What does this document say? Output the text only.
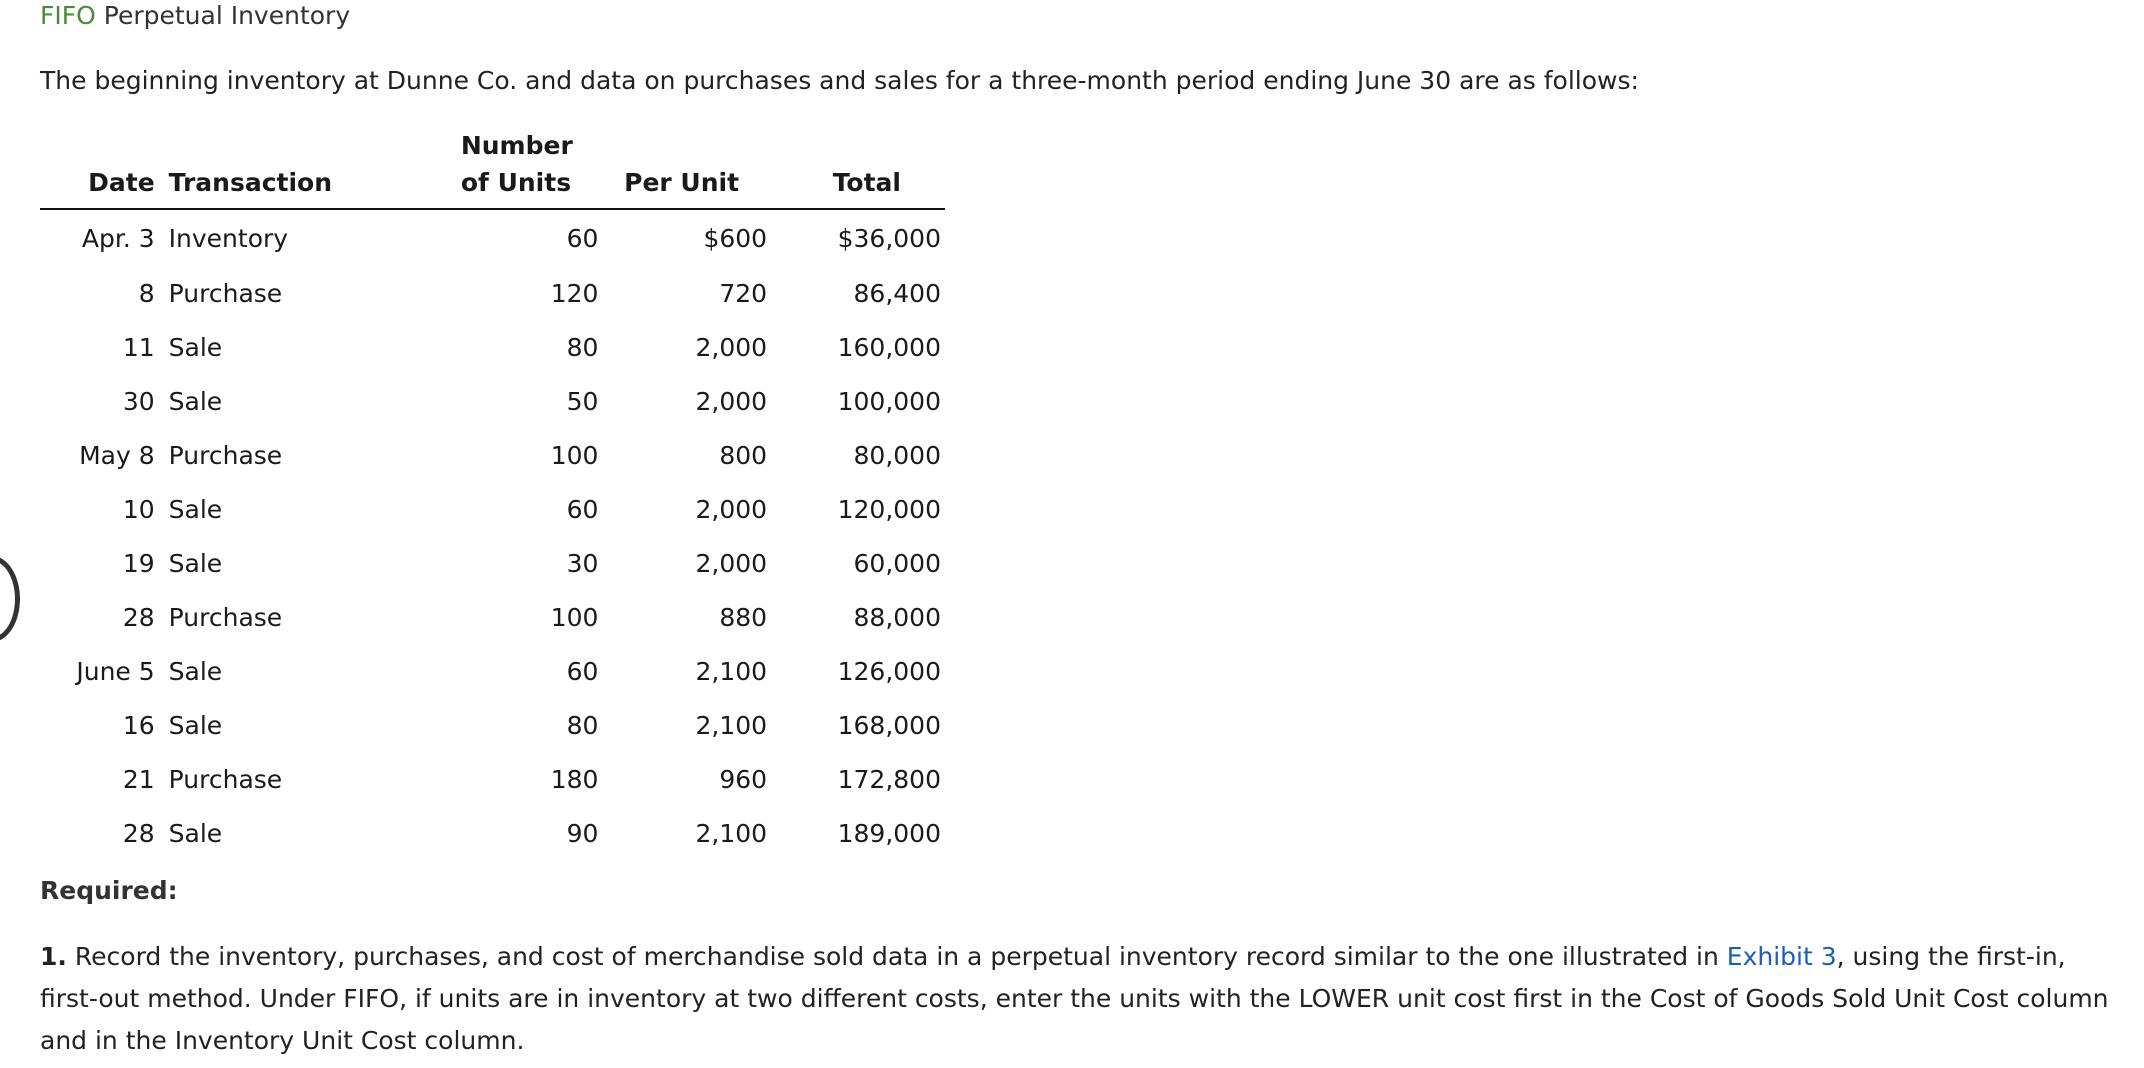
FIFO Perpetual Inventory
The beginning inventory at Dunne Co. and data on purchases and sales for a three-month period ending June 30 are as follows:
		Number		
Date	Transaction	of Units	Per Unit	Total
Apr. 3	Inventory	60	$600	$36,000
8	Purchase	120	720	86,400
11	Sale	80	2,000	160,000
30	Sale	50	2,000	100,000
May 8	Purchase	100	800	80,000
10	Sale	60	2,000	120,000
19	Sale	30	2,000	60,000
28	Purchase	100	880	88,000
June 5	Sale	60	2,100	126,000
16	Sale	80	2,100	168,000
21	Purchase	180	960	172,800
28	Sale	90	2,100	189,000
Required:
1. Record the inventory, purchases, and cost of merchandise sold data in a perpetual inventory record similar to the one illustrated in Exhibit 3, using the first-in, first-out method. Under FIFO, if units are in inventory at two different costs, enter the units with the LOWER unit cost first in the Cost of Goods Sold Unit Cost column and in the Inventory Unit Cost column.
